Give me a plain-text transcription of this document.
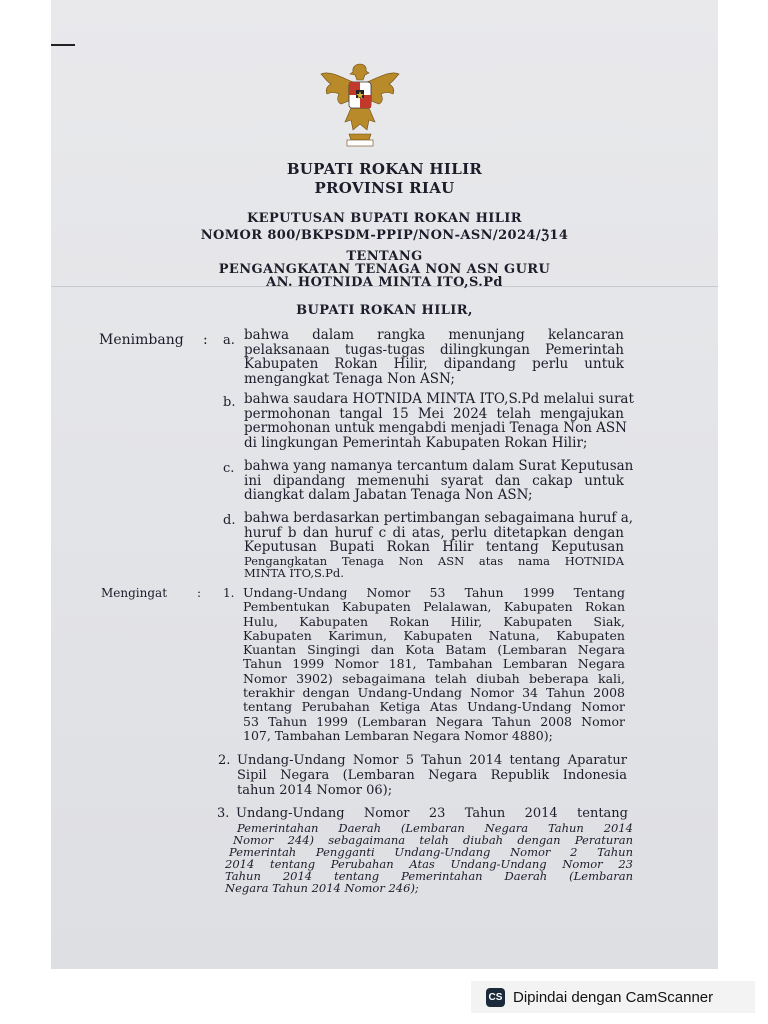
BUPATI ROKAN HILIR
PROVINSI RIAU
KEPUTUSAN BUPATI ROKAN HILIR
NOMOR 800/BKPSDM-PPIP/NON-ASN/2024/ℨ14
TENTANG
PENGANGKATAN TENAGA NON ASN GURU
AN. HOTNIDA MINTA ITO,S.Pd
BUPATI ROKAN HILIR,
Menimbang : a. bahwa dalam rangka menunjang kelancaran
pelaksanaan tugas-tugas dilingkungan Pemerintah
Kabupaten Rokan Hilir, dipandang perlu untuk
mengangkat Tenaga Non ASN;
b. bahwa saudara HOTNIDA MINTA ITO,S.Pd melalui surat
permohonan tangal 15 Mei 2024 telah mengajukan
permohonan untuk mengabdi menjadi Tenaga Non ASN
di lingkungan Pemerintah Kabupaten Rokan Hilir;
c. bahwa yang namanya tercantum dalam Surat Keputusan
ini dipandang memenuhi syarat dan cakap untuk
diangkat dalam Jabatan Tenaga Non ASN;
d. bahwa berdasarkan pertimbangan sebagaimana huruf a,
huruf b dan huruf c di atas, perlu ditetapkan dengan
Keputusan Bupati Rokan Hilir tentang Keputusan
Pengangkatan Tenaga Non ASN atas nama HOTNIDA
MINTA ITO,S.Pd.
Mengingat : 1. Undang-Undang Nomor 53 Tahun 1999 Tentang
Pembentukan Kabupaten Pelalawan, Kabupaten Rokan
Hulu, Kabupaten Rokan Hilir, Kabupaten Siak,
Kabupaten Karimun, Kabupaten Natuna, Kabupaten
Kuantan Singingi dan Kota Batam (Lembaran Negara
Tahun 1999 Nomor 181, Tambahan Lembaran Negara
Nomor 3902) sebagaimana telah diubah beberapa kali,
terakhir dengan Undang-Undang Nomor 34 Tahun 2008
tentang Perubahan Ketiga Atas Undang-Undang Nomor
53 Tahun 1999 (Lembaran Negara Tahun 2008 Nomor
107, Tambahan Lembaran Negara Nomor 4880);
2. Undang-Undang Nomor 5 Tahun 2014 tentang Aparatur
Sipil Negara (Lembaran Negara Republik Indonesia
tahun 2014 Nomor 06);
3. Undang-Undang Nomor 23 Tahun 2014 tentang
Pemerintahan Daerah (Lembaran Negara Tahun 2014
Nomor 244) sebagaimana telah diubah dengan Peraturan
Pemerintah Pengganti Undang-Undang Nomor 2 Tahun
2014 tentang Perubahan Atas Undang-Undang Nomor 23
Tahun 2014 tentang Pemerintahan Daerah (Lembaran
Negara Tahun 2014 Nomor 246);
CS Dipindai dengan CamScanner
